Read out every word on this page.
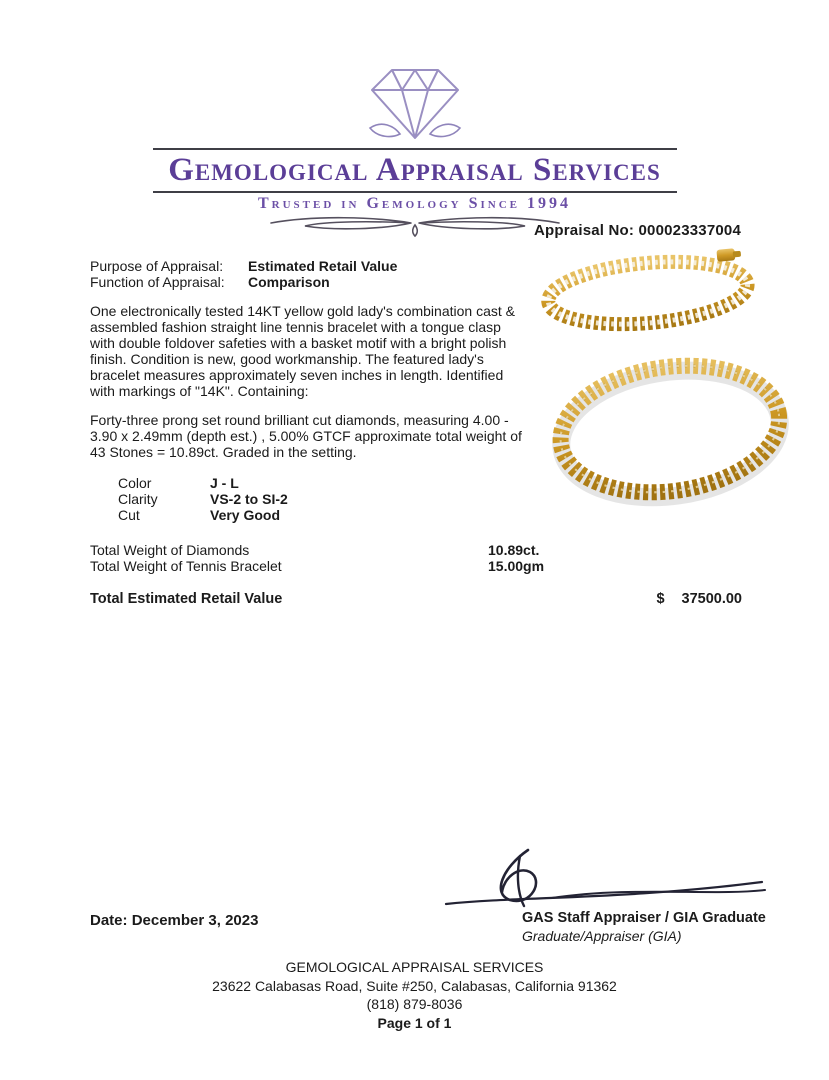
Gemological Appraisal Services
Trusted in Gemology Since 1994
Appraisal No: 000023337004
Purpose of Appraisal:	Estimated Retail Value
Function of Appraisal:	Comparison

One electronically tested 14KT yellow gold lady's combination cast & assembled fashion straight line tennis bracelet with a tongue clasp with double foldover safeties with a basket motif with a bright polish finish. Condition is new, good workmanship. The featured lady's bracelet measures approximately seven inches in length. Identified with markings of "14K". Containing:

Forty-three prong set round brilliant cut diamonds, measuring 4.00 - 3.90 x 2.49mm (depth est.) , 5.00% GTCF approximate total weight of 43 Stones = 10.89ct. Graded in the setting.

Color	J - L
Clarity	VS-2 to SI-2
Cut	Very Good
Total Weight of Diamonds	10.89ct.
Total Weight of Tennis Bracelet	15.00gm
Total Estimated Retail Value	$ 37500.00
Date: December 3, 2023	GAS Staff Appraiser / GIA Graduate
Graduate/Appraiser (GIA)
GEMOLOGICAL APPRAISAL SERVICES
23622 Calabasas Road, Suite #250, Calabasas, California 91362
(818) 879-8036
Page 1 of 1
